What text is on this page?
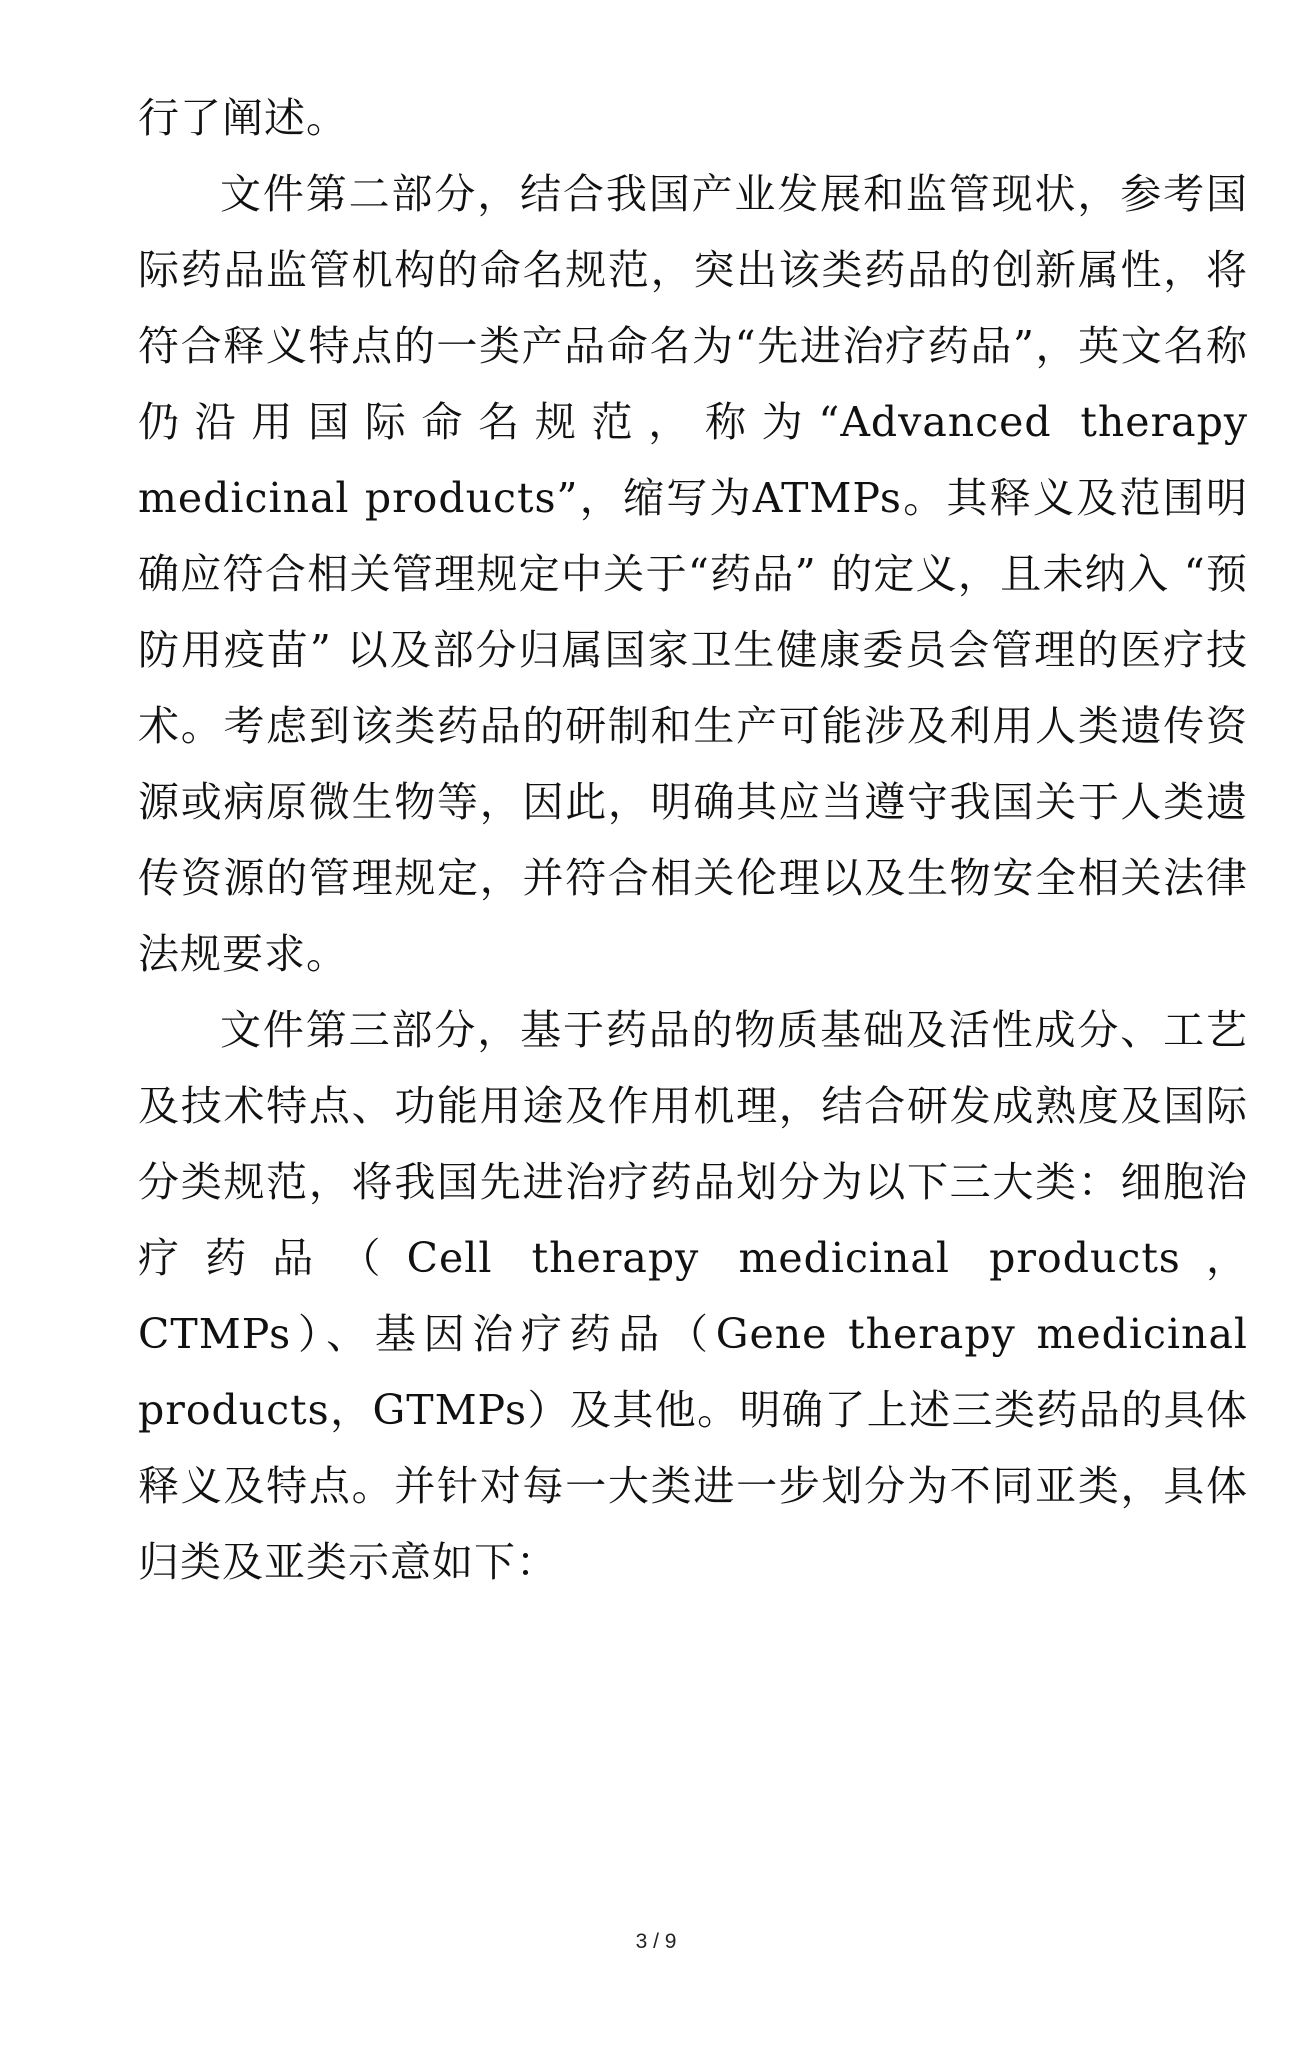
行了阐述。

文件第二部分，结合我国产业发展和监管现状，参考国际药品监管机构的命名规范，突出该类药品的创新属性，将符合释义特点的一类产品命名为“先进治疗药品”，英文名称仍沿用国际命名规范，称为“Advanced therapy medicinal products”，缩写为ATMPs。其释义及范围明确应符合相关管理规定中关于“药品” 的定义，且未纳入 “预防用疫苗” 以及部分归属国家卫生健康委员会管理的医疗技术。考虑到该类药品的研制和生产可能涉及利用人类遗传资源或病原微生物等，因此，明确其应当遵守我国关于人类遗传资源的管理规定，并符合相关伦理以及生物安全相关法律法规要求。

文件第三部分，基于药品的物质基础及活性成分、工艺及技术特点、功能用途及作用机理，结合研发成熟度及国际分类规范，将我国先进治疗药品划分为以下三大类：细胞治疗药品（Cell therapy medicinal products，CTMPs）、基因治疗药品（Gene therapy medicinal products，GTMPs）及其他。明确了上述三类药品的具体释义及特点。并针对每一大类进一步划分为不同亚类，具体归类及亚类示意如下：

3 / 9
